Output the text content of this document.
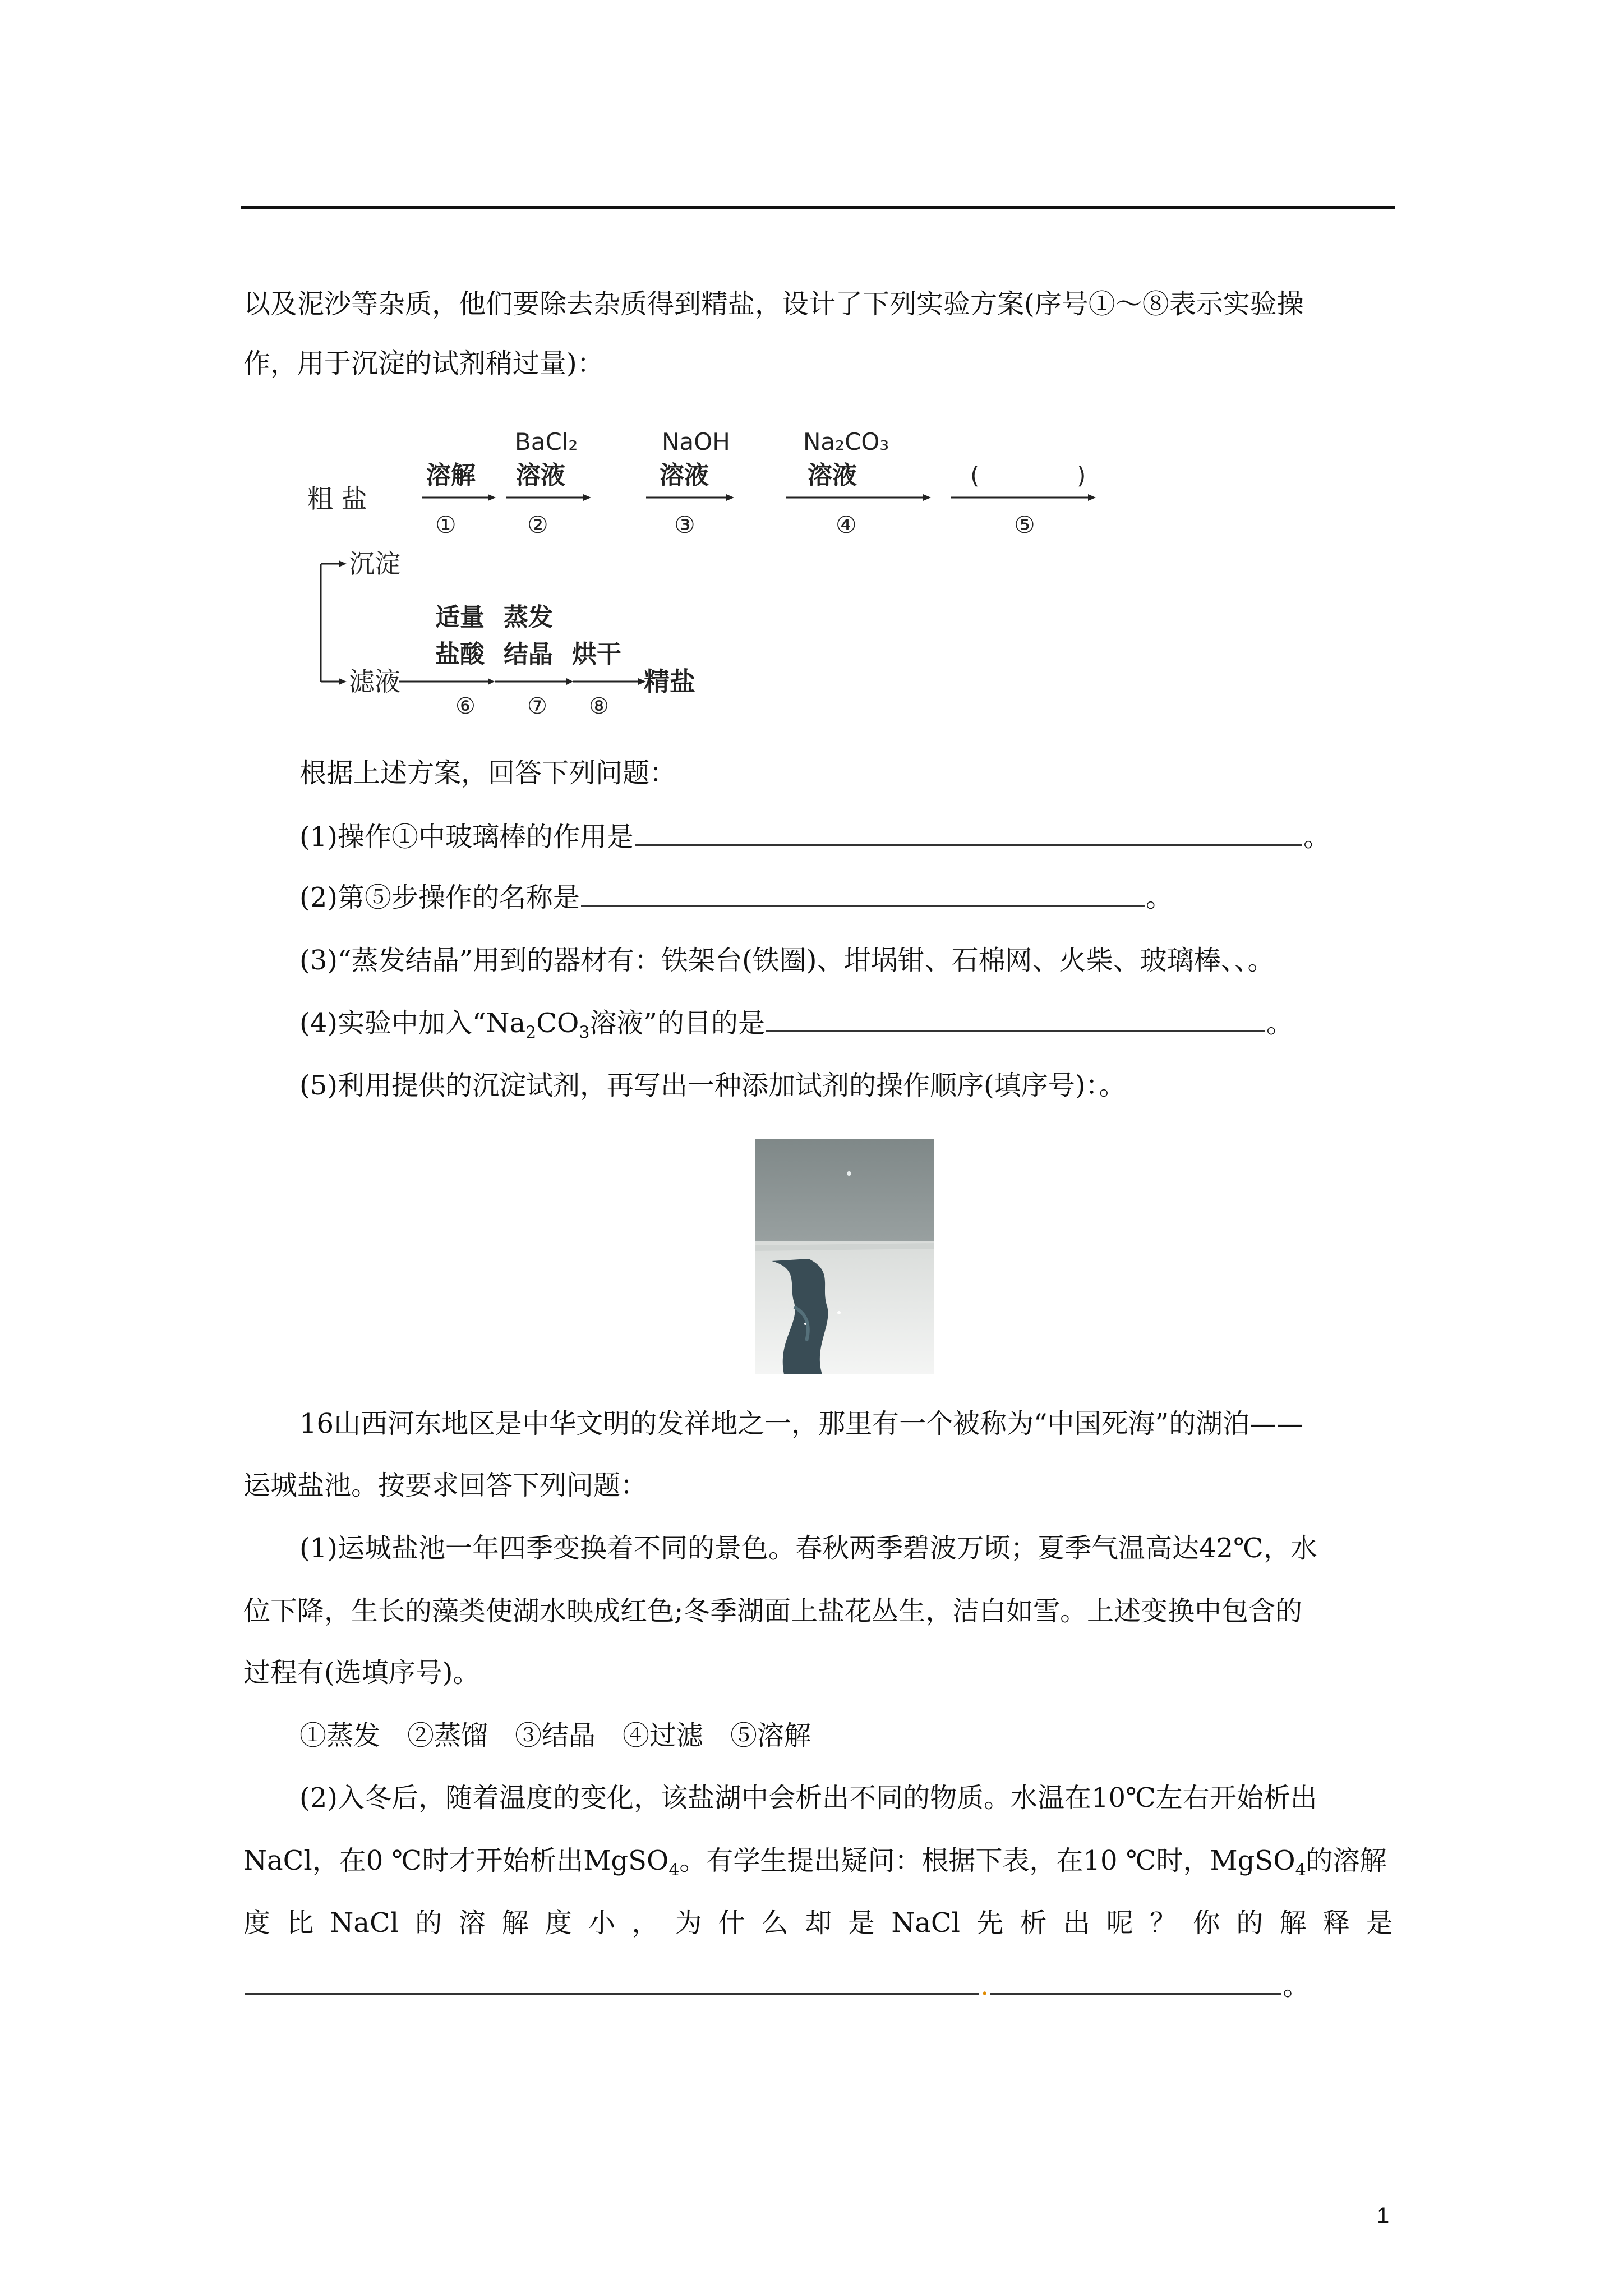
以及泥沙等杂质，他们要除去杂质得到精盐，设计了下列实验方案(序号①～⑧表示实验操
作，用于沉淀的试剂稍过量)：
粗 盐
溶解 溶液	溶液
BaCl₂	NaOH
①	②	③
沉淀
滤液	精盐
适量 蒸发
盐酸 结晶 烘干
⑥ ⑦ ⑧
Na₂CO₃
④	⑤
(	)
溶液
根据上述方案，回答下列问题：
(1)操作①中玻璃棒的作用是	。
(2)第⑤步操作的名称是	。
(3)“蒸发结晶”用到的器材有：铁架台(铁圈)、坩埚钳、石棉网、火柴、玻璃棒、、。
(4)实验中加入“$Na_2CO_3$溶液”的目的是	。
(5)利用提供的沉淀试剂，再写出一种添加试剂的操作顺序(填序号)：。
16山西河东地区是中华文明的发祥地之一，那里有一个被称为“中国死海”的湖泊——
运城盐池。按要求回答下列问题：
(1)运城盐池一年四季变换着不同的景色。春秋两季碧波万顷；夏季气温高达42℃，水
位下降，生长的藻类使湖水映成红色;冬季湖面上盐花丛生，洁白如雪。上述变换中包含的
过程有(选填序号)。
①蒸发　②蒸馏　③结晶　④过滤　⑤溶解
(2)入冬后，随着温度的变化，该盐湖中会析出不同的物质。水温在10℃左右开始析出
NaCl，在0 ℃时才开始析出MgSO$_4$。有学生提出疑问：根据下表，在10 ℃时，MgSO$_4$的溶解
度 比 NaCl 的 溶 解 度 小 ， 为 什 么 却 是 NaCl 先 析 出 呢 ？ 你 的 解 释 是
.	。
1
